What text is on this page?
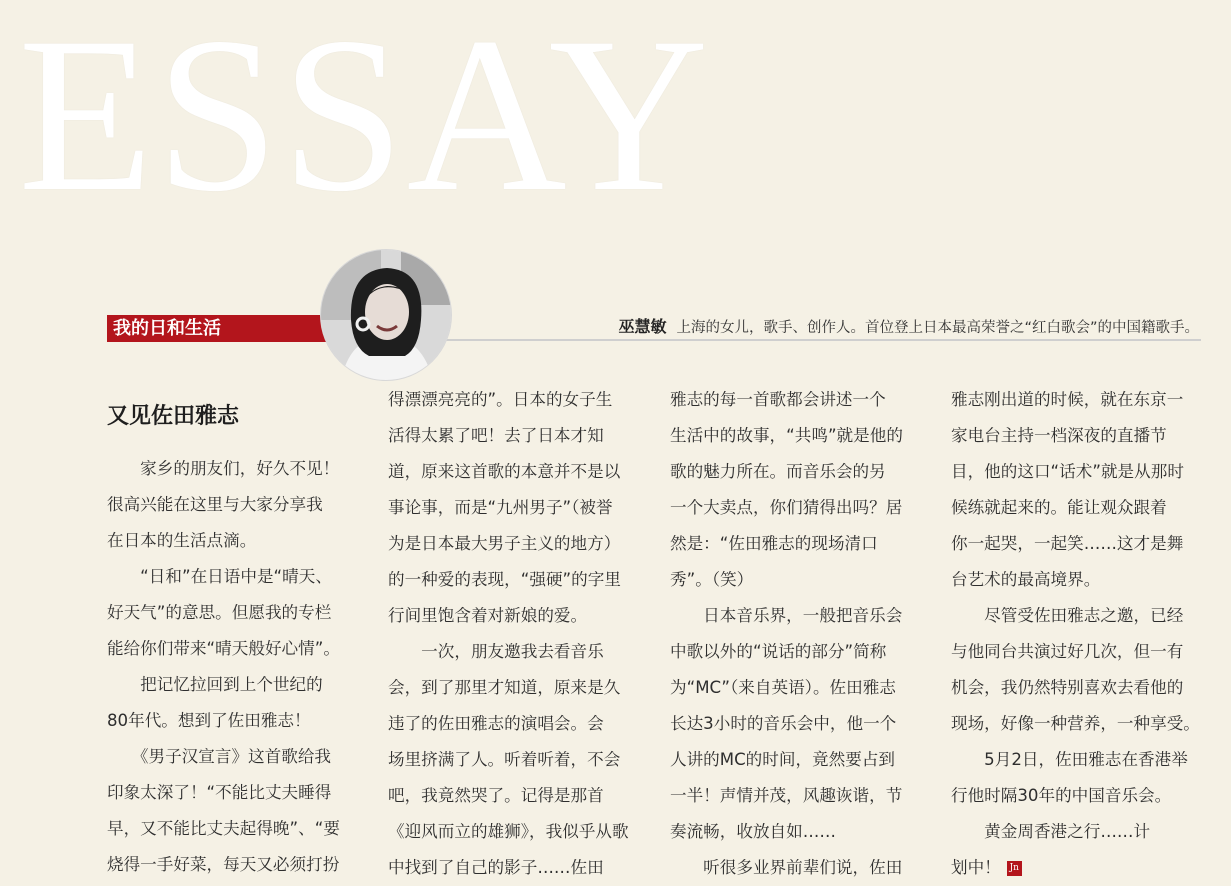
ESSAY
我的日和生活	巫慧敏 上海的女儿，歌手、创作人。首位登上日本最高荣誉之“红白歌会”的中国籍歌手。
又见佐田雅志
　　家乡的朋友们，好久不见！
很高兴能在这里与大家分享我
在日本的生活点滴。
　　“日和”在日语中是“晴天、
好天气”的意思。但愿我的专栏
能给你们带来“晴天般好心情”。
　　把记忆拉回到上个世纪的
80年代。想到了佐田雅志！
　　《男子汉宣言》这首歌给我
印象太深了！“不能比丈夫睡得
早，又不能比丈夫起得晚”、“要
烧得一手好菜，每天又必须打扮
得漂漂亮亮的”。日本的女子生
活得太累了吧！去了日本才知
道，原来这首歌的本意并不是以
事论事，而是“九州男子”（被誉
为是日本最大男子主义的地方）
的一种爱的表现，“强硬”的字里
行间里饱含着对新娘的爱。
　　一次，朋友邀我去看音乐
会，到了那里才知道，原来是久
违了的佐田雅志的演唱会。会
场里挤满了人。听着听着，不会
吧，我竟然哭了。记得是那首
《迎风而立的雄狮》，我似乎从歌
中找到了自己的影子……佐田
雅志的每一首歌都会讲述一个
生活中的故事，“共鸣”就是他的
歌的魅力所在。而音乐会的另
一个大卖点，你们猜得出吗？居
然是：“佐田雅志的现场清口
秀”。（笑）
　　日本音乐界，一般把音乐会
中歌以外的“说话的部分”简称
为“MC”（来自英语）。佐田雅志
长达3小时的音乐会中，他一个
人讲的MC的时间，竟然要占到
一半！声情并茂，风趣诙谐，节
奏流畅，收放自如……
　　听很多业界前辈们说，佐田
雅志刚出道的时候，就在东京一
家电台主持一档深夜的直播节
目，他的这口“话术”就是从那时
候练就起来的。能让观众跟着
你一起哭，一起笑……这才是舞
台艺术的最高境界。
　　尽管受佐田雅志之邀，已经
与他同台共演过好几次，但一有
机会，我仍然特别喜欢去看他的
现场，好像一种营养，一种享受。
　　5月2日，佐田雅志在香港举
行他时隔30年的中国音乐会。
　　黄金周香港之行……计
划中！ Jn
